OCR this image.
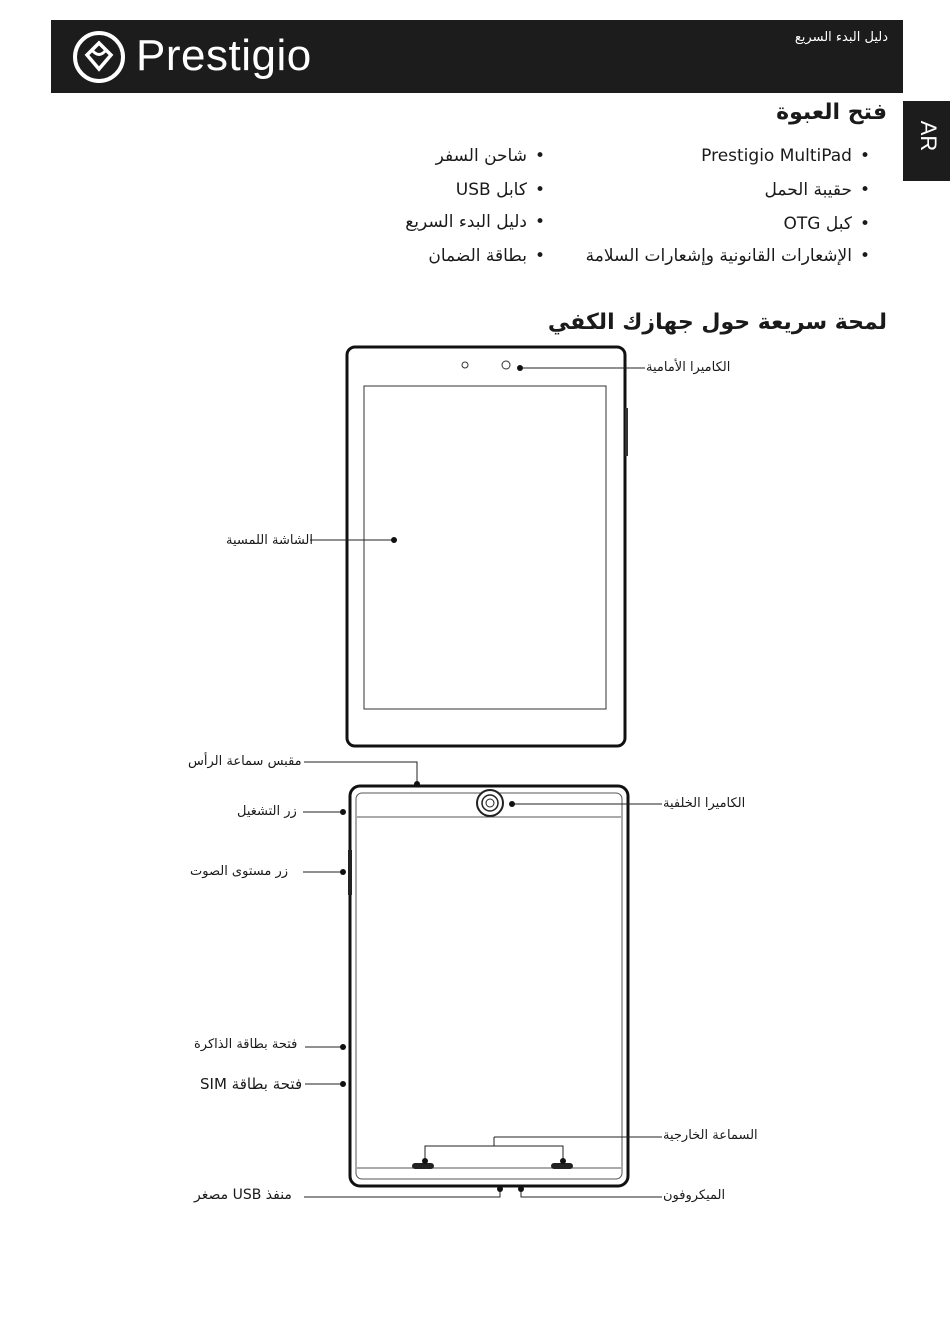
Prestigio	دليل البدء السريع
AR
فتح العبوة
•Prestigio MultiPad
•حقيبة الحمل
•كبل OTG
•الإشعارات القانونية وإشعارات السلامة
•شاحن السفر
•كابل USB
•دليل البدء السريع
•بطاقة الضمان
لمحة سريعة حول جهازك الكفي
الكاميرا الأمامية
الشاشة اللمسية
مقبس سماعة الرأس
زر التشغيل
زر مستوى الصوت
الكاميرا الخلفية
فتحة بطاقة الذاكرة
فتحة بطاقة SIM
السماعة الخارجية
منفذ USB مصغر	الميكروفون
